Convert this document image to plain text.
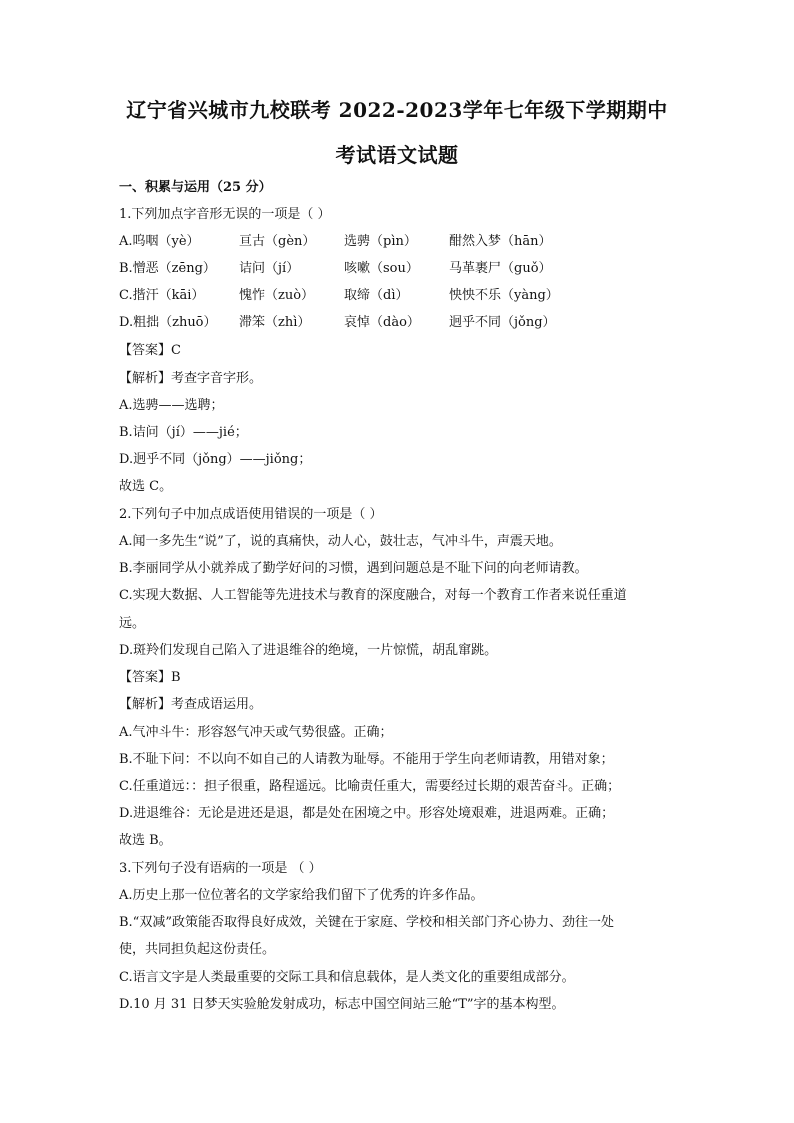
辽宁省兴城市九校联考 2022-2023学年七年级下学期期中
考试语文试题
一、积累与运用（25 分）
1.下列加点字音形无误的一项是（ ）
A.呜咽（yè）	亘古（gèn） 选骋（pìn） 酣然入梦（hān）
B.憎恶（zēng） 诘问（jí）	咳嗽（sou） 马革裹尸（guǒ）
C.揩汗（kāi）	愧怍（zuò） 取缔（dì）	怏怏不乐（yàng）
D.粗拙（zhuō） 滞笨（zhì）	哀悼（dào） 迥乎不同（jǒng）
【答案】C
【解析】考查字音字形。
A.选骋——选聘；
B.诘问（jí）——jié；
D.迥乎不同（jǒng）——jiǒng；
故选 C。
2.下列句子中加点成语使用错误的一项是（ ）
A.闻一多先生“说”了，说的真痛快，动人心，鼓壮志，气冲斗牛，声震天地。
B.李丽同学从小就养成了勤学好问的习惯，遇到问题总是不耻下问的向老师请教。
C.实现大数据、人工智能等先进技术与教育的深度融合，对每一个教育工作者来说任重道
远。
D.斑羚们发现自己陷入了进退维谷的绝境，一片惊慌，胡乱窜跳。
【答案】B
【解析】考查成语运用。
A.气冲斗牛：形容怒气冲天或气势很盛。正确；
B.不耻下问：不以向不如自己的人请教为耻辱。不能用于学生向老师请教，用错对象；
C.任重道远：：担子很重，路程遥远。比喻责任重大，需要经过长期的艰苦奋斗。正确；
D.进退维谷：无论是进还是退，都是处在困境之中。形容处境艰难，进退两难。正确；
故选 B。
3.下列句子没有语病的一项是 （ ）
A.历史上那一位位著名的文学家给我们留下了优秀的许多作品。
B.“双减”政策能否取得良好成效，关键在于家庭、学校和相关部门齐心协力、劲往一处
使，共同担负起这份责任。
C.语言文字是人类最重要的交际工具和信息载体，是人类文化的重要组成部分。
D.10 月 31 日梦天实验舱发射成功，标志中国空间站三舱“T”字的基本构型。
